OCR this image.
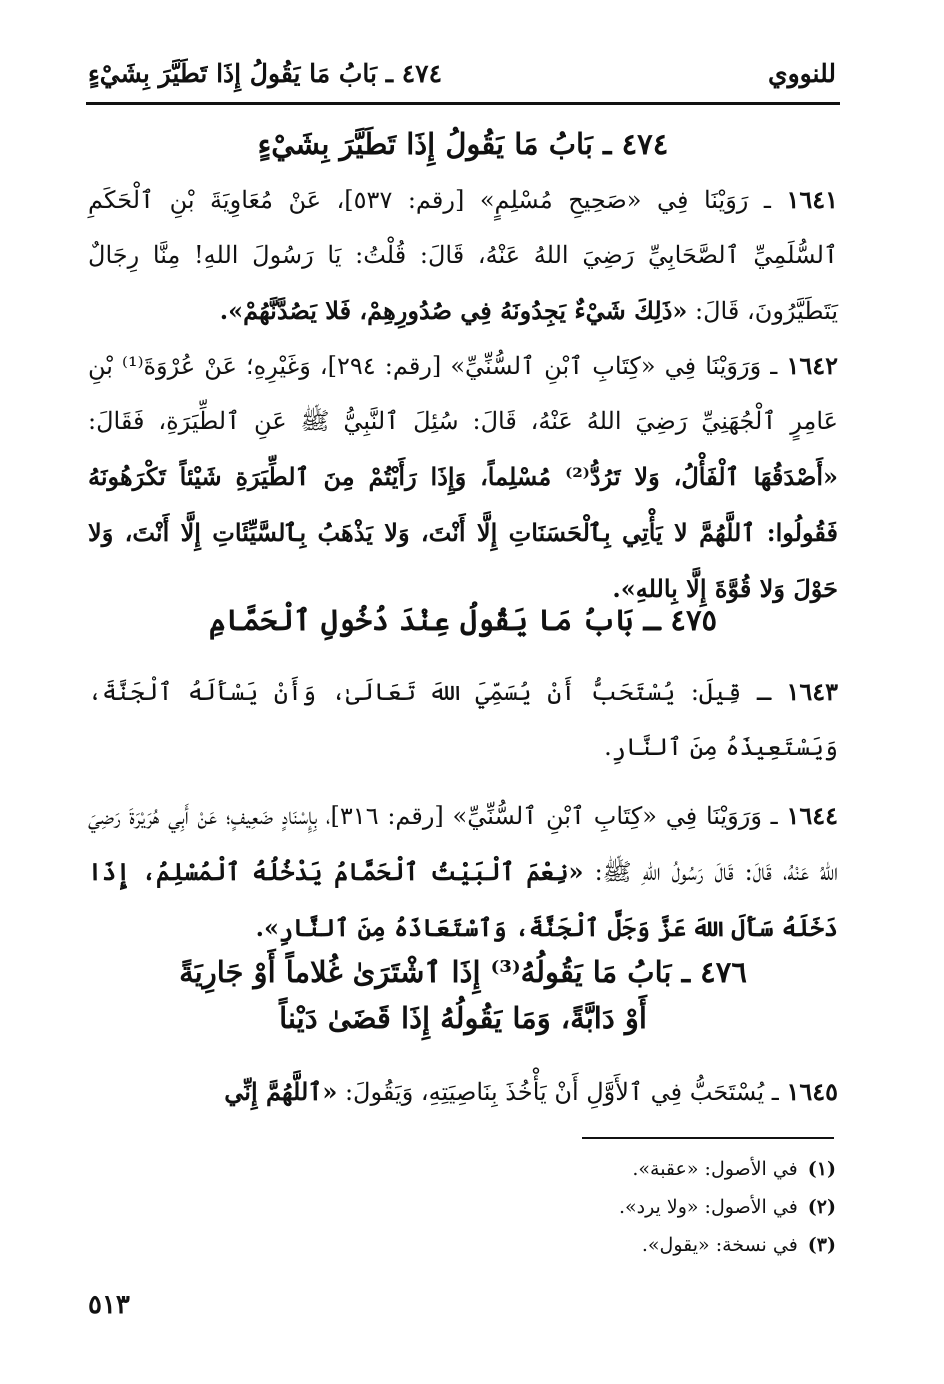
للنووي
٤٧٤ ـ بَابُ مَا يَقُولُ إِذَا تَطَيَّرَ بِشَيْءٍ
٤٧٤ ـ بَابُ مَا يَقُولُ إِذَا تَطَيَّرَ بِشَيْءٍ

١٦٤١ ـ رَوَيْنَا فِي «صَحِيحِ مُسْلِمٍ» [رقم: ٥٣٧]، عَنْ مُعَاوِيَةَ بْنِ ٱلْحَكَمِ ٱلسُّلَمِيِّ ٱلصَّحَابِيِّ رَضِيَ اللهُ عَنْهُ، قَالَ: قُلْتُ: يَا رَسُولَ اللهِ! مِنَّا رِجَالٌ يَتَطَيَّرُونَ، قَالَ: «ذَلِكَ شَيْءٌ يَجِدُونَهُ فِي صُدُورِهِمْ، فَلا يَصُدَّنَّهُمْ».

١٦٤٢ ـ وَرَوَيْنَا فِي «كِتَابِ ٱبْنِ ٱلسُّنِّيِّ» [رقم: ٢٩٤]، وَغَيْرِهِ؛ عَنْ عُرْوَةَ⁽¹⁾ بْنِ عَامِرٍ ٱلْجُهَنِيِّ رَضِيَ اللهُ عَنْهُ، قَالَ: سُئِلَ ٱلنَّبِيُّ ﷺ عَنِ ٱلطِّيَرَةِ، فَقَالَ: «أَصْدَقُهَا ٱلْفَأْلُ، وَلا تَرُدُّ⁽²⁾ مُسْلِماً، وَإِذَا رَأَيْتُمْ مِنَ ٱلطِّيَرَةِ شَيْئاً تَكْرَهُونَهُ فَقُولُوا: ٱللَّهُمَّ لا يَأْتِي بِٱلْحَسَنَاتِ إِلَّا أَنْتَ، وَلا يَذْهَبُ بِٱلسَّيِّئَاتِ إِلَّا أَنْتَ، وَلا حَوْلَ وَلا قُوَّةَ إِلَّا بِاللهِ».

٤٧٥ ـ بَابُ مَا يَقُولُ عِنْدَ دُخُولِ ٱلْحَمَّامِ

١٦٤٣ ـ قِيلَ: يُسْتَحَبُّ أَنْ يُسَمِّيَ اللهَ تَعَالَىٰ، وَأَنْ يَسْأَلَهُ ٱلْجَنَّةَ، وَيَسْتَعِيذَهُ مِنَ ٱلنَّارِ.

١٦٤٤ ـ وَرَوَيْنَا فِي «كِتَابِ ٱبْنِ ٱلسُّنِّيِّ» [رقم: ٣١٦]، بِإِسْنَادٍ ضَعِيفٍ؛ عَنْ أَبِي هُرَيْرَةَ رَضِيَ اللهُ عَنْهُ، قَالَ: قَالَ رَسُولُ اللهِ ﷺ: «نِعْمَ ٱلْبَيْتُ ٱلْحَمَّامُ يَدْخُلُهُ ٱلْمُسْلِمُ، إِذَا دَخَلَهُ سَأَلَ اللهَ عَزَّ وَجَلَّ ٱلْجَنَّةَ، وَٱسْتَعَاذَهُ مِنَ ٱلنَّارِ».

٤٧٦ ـ بَابُ مَا يَقُولُهُ⁽³⁾ إِذَا ٱشْتَرَىٰ غُلاماً أَوْ جَارِيَةً
أَوْ دَابَّةً، وَمَا يَقُولُهُ إِذَا قَضَىٰ دَيْناً

١٦٤٥ ـ يُسْتَحَبُّ فِي ٱلأَوَّلِ أَنْ يَأْخُذَ بِنَاصِيَتِهِ، وَيَقُولَ: «ٱللَّهُمَّ إِنِّي

(١)في الأصول: «عقبة».
(٢)في الأصول: «ولا يرد».
(٣)في نسخة: «يقول».
٥١٣
